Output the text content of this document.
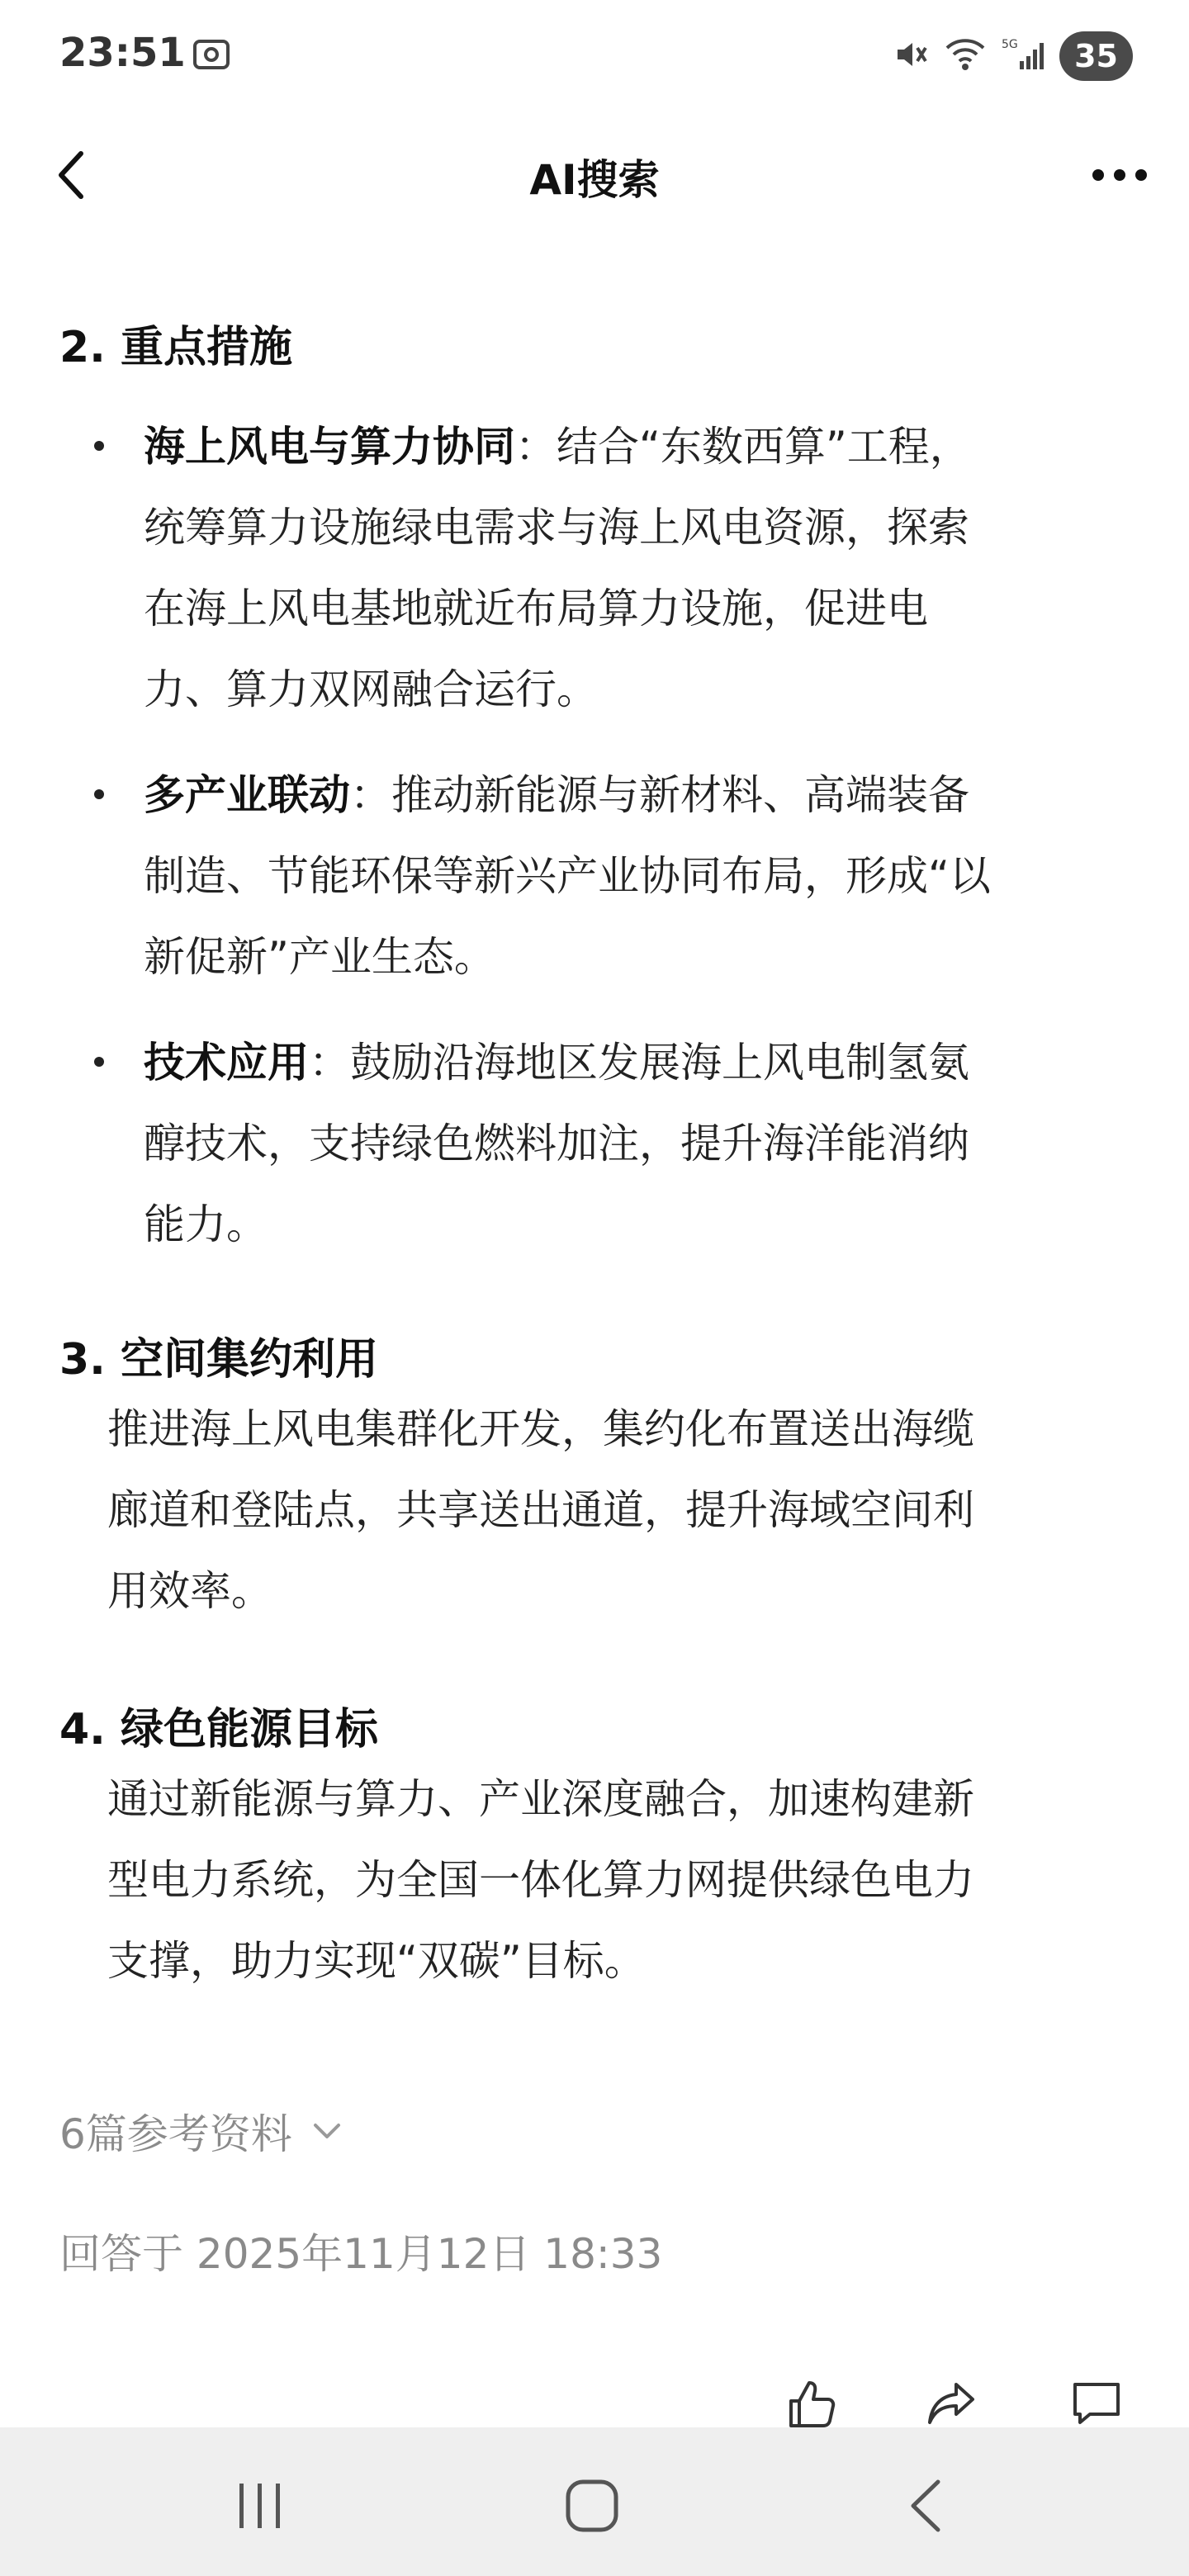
23:51	5G	35
AI搜索
2. 重点措施
海上风电与算力协同：结合“东数西算”工程，
统筹算力设施绿电需求与海上风电资源，探索
在海上风电基地就近布局算力设施，促进电
力、算力双网融合运行。
多产业联动：推动新能源与新材料、高端装备
制造、节能环保等新兴产业协同布局，形成“以
新促新”产业生态。
技术应用：鼓励沿海地区发展海上风电制氢氨
醇技术，支持绿色燃料加注，提升海洋能消纳
能力。
3. 空间集约利用
推进海上风电集群化开发，集约化布置送出海缆
廊道和登陆点，共享送出通道，提升海域空间利
用效率。
4. 绿色能源目标
通过新能源与算力、产业深度融合，加速构建新
型电力系统，为全国一体化算力网提供绿色电力
支撑，助力实现“双碳”目标。
6篇参考资料
回答于 2025年11月12日 18:33
